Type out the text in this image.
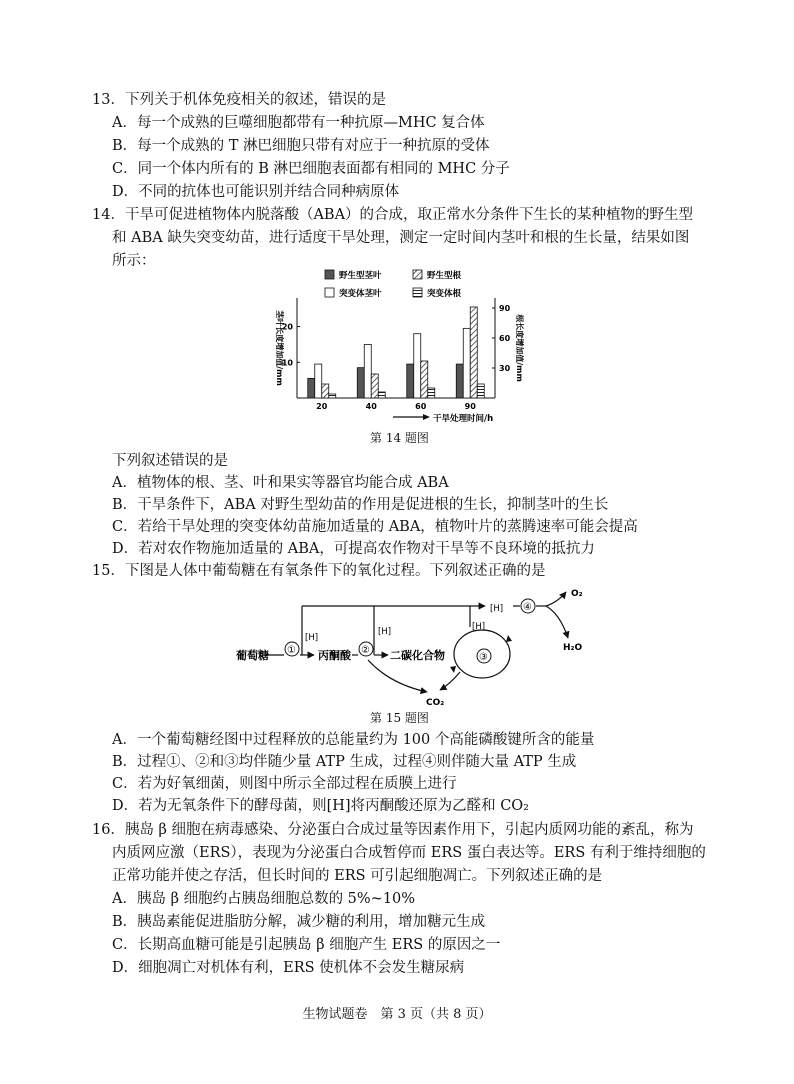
13．下列关于机体免疫相关的叙述，错误的是
A．每一个成熟的巨噬细胞都带有一种抗原—MHC 复合体
B．每一个成熟的 T 淋巴细胞只带有对应于一种抗原的受体
C．同一个体内所有的 B 淋巴细胞表面都有相同的 MHC 分子
D．不同的抗体也可能识别并结合同种病原体
14．干旱可促进植物体内脱落酸（ABA）的合成，取正常水分条件下生长的某种植物的野生型
和 ABA 缺失突变幼苗，进行适度干旱处理，测定一定时间内茎叶和根的生长量，结果如图
所示：
野生型茎叶	野生型根
突变体茎叶	突变体根
10
20
30
60
90
茎叶长度增加值/mm	根长度增加值/mm
20	40	60	90
干旱处理时间/h
第 14 题图
下列叙述错误的是
A．植物体的根、茎、叶和果实等器官均能合成 ABA
B．干旱条件下，ABA 对野生型幼苗的作用是促进根的生长，抑制茎叶的生长
C．若给干旱处理的突变体幼苗施加适量的 ABA，植物叶片的蒸腾速率可能会提高
D．若对农作物施加适量的 ABA，可提高农作物对干旱等不良环境的抵抗力
15．下图是人体中葡萄糖在有氧条件下的氧化过程。下列叙述正确的是
葡萄糖	丙酮酸	二碳化合物
①	②
③
④
[H]
[H]	[H]
[H]
CO₂
O₂
H₂O
第 15 题图
A．一个葡萄糖经图中过程释放的总能量约为 100 个高能磷酸键所含的能量
B．过程①、②和③均伴随少量 ATP 生成，过程④则伴随大量 ATP 生成
C．若为好氧细菌，则图中所示全部过程在质膜上进行
D．若为无氧条件下的酵母菌，则[H]将丙酮酸还原为乙醛和 CO₂
16．胰岛 β 细胞在病毒感染、分泌蛋白合成过量等因素作用下，引起内质网功能的紊乱，称为
内质网应激（ERS），表现为分泌蛋白合成暂停而 ERS 蛋白表达等。ERS 有利于维持细胞的
正常功能并使之存活，但长时间的 ERS 可引起细胞凋亡。下列叙述正确的是
A．胰岛 β 细胞约占胰岛细胞总数的 5%~10%
B．胰岛素能促进脂肪分解，减少糖的利用，增加糖元生成
C．长期高血糖可能是引起胰岛 β 细胞产生 ERS 的原因之一
D．细胞凋亡对机体有利，ERS 使机体不会发生糖尿病
生物试题卷　第 3 页（共 8 页）
